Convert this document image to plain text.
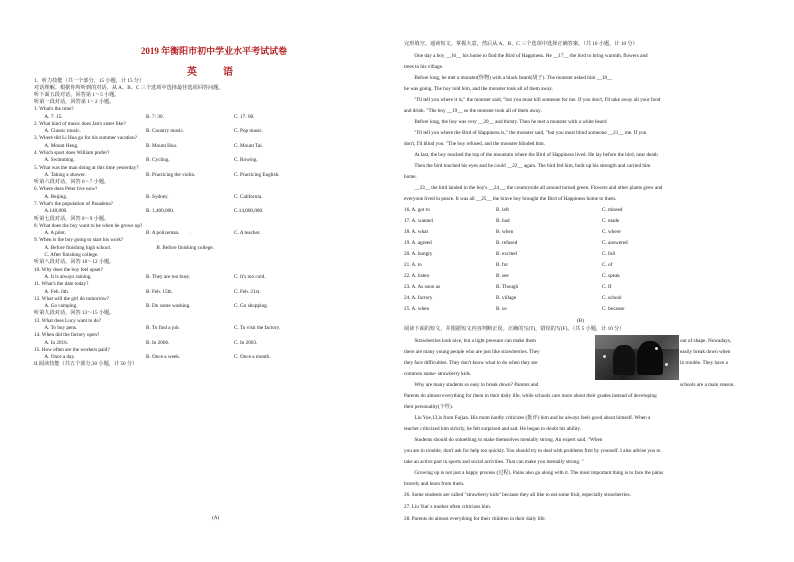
2019 年衡阳市初中学业水平考试试卷
英　语
1、听力技能（共一个部分，15 小题，计 15 分）
对话理解。根据你所听到的对话，从 A、B、C 三个选项中选择最佳选项回答问题。
听下面五段对话，回答第 1～5 小题。
听第一段对话，回答第 1～2 小题。
1. What's the time?
　　A. 7: 15.	B. 7: 30.	C. 17: 00.
2. What kind of music does Jan's sister like?
　　A. Classic music.	B. Country music.	C. Pop music.
3. Where did Li Hua go for his summer vacation?
　　A. Mount Heng.	B. Mount Hua.	C. Mount Tai.
4. Which sport does William prefer?
　　A. Swimming.	B. Cycling.	C. Rowing.
5. What was the man doing at this time yesterday?
　　A. Taking a shower.	B. Practicing the violin.	C. Practicing English.
听第六段对话，回答 6～7 小题。
6. Where does Peter live now?
　　A. Beijing.	B. Sydney.	C. California.
7. What's the population of Pasadena?
　　A.140,000.	B. 1,400,000.	C.14,000,000.
听第七段对话，回答 8～9 小题。
8. What does the boy want to be when he grows up?
　　A. A pilot.	B. A policeman.　　.	C. A teacher.
9. When is the boy going to start his work?
　　A. Before finishing high school.	　　B. Before finishing college.
　　C. After finishing college.
听第八段对话，回答 10～12 小题。
10. Why does the boy feel upset?
　　A. It is always raining.	B. They are too busy.	C. It's too cold.
11. What's the date today?
　　A. Feb. 6th.	B. Feb. 15th.	C. Feb. 21st.
12. What will the girl do tomorrow?
　　A. Go camping.	B. Do some washing.	C. Go shopping.
听第九段对话，回答 13～15 小题。
13. What does Lucy want to do?
　　A. To buy pens.	B. To find a job.	C. To visit the factory.
14. When did the factory open?
　　A. In 2016.	B. In 2006.	C. In 2003.
15. How often are the workers paid?
　　A. Once a day.	B. Once a week.	C. Once a month.
II.阅读技能（共五个部分,30 小题，计 50 分）
(A)
完形填空。通读短文，掌握大意，然后从 A、B、C 三个选项中选择正确答案。（共 10 小题，计 10 分）
　　One day a boy __16__ his home to find the Bird of Happiness. He __17__ the bird to bring warmth, flowers and
trees to his village.
　　Before long, he met a monster(怪物) with a black beard(胡子). The monster asked him __18__
he was going. The boy told him, and the monster took all of them away.
　　"I'll tell you where it is," the monster said, "but you must kill someone for me. If you don't, I'll take away all your food
and drink. "The boy __19__ so the monster took all of them away.
　　Before long, the boy was very __20__ and thirsty. Then he met a monster with a white beard
　　"I'll tell you where the Bird of Happiness is," the monster said, "but you must blind someone __21__ me. If you
don't, I'll blind you. "The boy refused, and the monster blinded him.
　　At last, the boy reached the top of the mountain where the Bird of Happiness lived. He lay before the bird, near death
　　Then the bird touched his eyes and he could __22__ again. The bird fed him, built up his strength and carried him
home.
　　__23__ the bird landed in the boy's __24__, the countryside all around turned green. Flowers and other plants grew and
everyone lived in peace. It was all __25__ the brave boy brought the Bird of Happiness home to them.
16. A. got to	B. left	C. missed
17. A. wanted	B. had	C. made
18. A. what	B. when	C. where
19. A. agreed	B. refused	C. answered
20. A. hungry	B. excited	C. full
21. A. to	B. for	C. of
22. A. listen	B. see	C. speak
23. A. As soon as	B. Though	C. If
24. A. factory	B. village	C. school
25. A. when	B. so	C. because
(B)
阅读下面的短文，并根据短文内容判断正误。正确的写(T)，错误的写(F)。（共 5 小题，计 10 分）
　　Strawberries look nice, but a light pressure can make them	out of shape. Nowadays,
there are many young people who are just like strawberries. They	easily break down when
they face difficulties. They don't know what to do when they are	in trouble. They have a
common name- strawberry kids.
　　Why are many students so easy to break down? Parents and	schools are a main reason.
Parents do almost everything for them in their daily life, while schools care more about their grades instead of developing
their personality(个性).
　　Liu Yue,13,is from Fujian. His mom hardly criticizes (批评) him and he always feels good about himself. When a
teacher criticized him strictly, he felt surprised and sad. He began to doubt his ability.
　　Students should do something to make themselves mentally strong. An expert said, "When
you are in trouble, don't ask for help too quickly. You should try to deal with problems first by yourself. I also advise you to
take an active part in sports and social activities. That can make you mentally strong. "
　　Growing up is not just a happy process (过程). Pains also go along with it. The most important thing is to face the pains
bravely and learn from them.
26. Some students are called "strawberry kids" because they all like to eat some fruit, especially strawberries.
27. Liu Yue' s mother often criticizes him.
28. Parents do almost everything for their children in their daily life.
